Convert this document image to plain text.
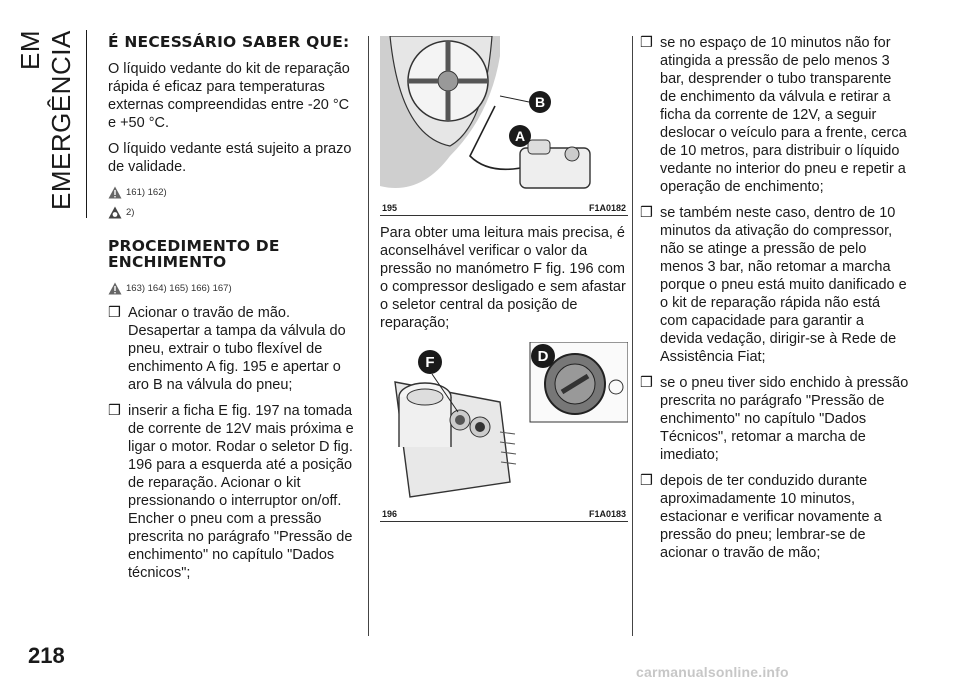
EM EMERGÊNCIA
218
carmanualsonline.info
É NECESSÁRIO SABER QUE:

O líquido vedante do kit de reparação rápida é eficaz para temperaturas externas compreendidas entre -20 °C e +50 °C.

O líquido vedante está sujeito a prazo de validade.

161) 162)
2)
PROCEDIMENTO DE ENCHIMENTO
163) 164) 165) 166) 167)
❒ Acionar o travão de mão. Desapertar a tampa da válvula do pneu, extrair o tubo flexível de enchimento A fig. 195 e apertar o aro B na válvula do pneu;
❒ inserir a ficha E fig. 197 na tomada de corrente de 12V mais próxima e ligar o motor. Rodar o seletor D fig. 196 para a esquerda até a posição de reparação. Acionar o kit pressionando o interruptor on/off. Encher o pneu com a pressão prescrita no parágrafo "Pressão de enchimento" no capítulo "Dados técnicos";
B
A
195	F1A0182

Para obter uma leitura mais precisa, é aconselhável verificar o valor da pressão no manómetro F fig. 196 com o compressor desligado e sem afastar o seletor central da posição de reparação;

F	D
196	F1A0183
❒ se no espaço de 10 minutos não for atingida a pressão de pelo menos 3 bar, desprender o tubo transparente de enchimento da válvula e retirar a ficha da corrente de 12V, a seguir deslocar o veículo para a frente, cerca de 10 metros, para distribuir o líquido vedante no interior do pneu e repetir a operação de enchimento;
❒ se também neste caso, dentro de 10 minutos da ativação do compressor, não se atinge a pressão de pelo menos 3 bar, não retomar a marcha porque o pneu está muito danificado e o kit de reparação rápida não está com capacidade para garantir a devida vedação, dirigir-se à Rede de Assistência Fiat;
❒ se o pneu tiver sido enchido à pressão prescrita no parágrafo "Pressão de enchimento" no capítulo "Dados Técnicos", retomar a marcha de imediato;
❒ depois de ter conduzido durante aproximadamente 10 minutos, estacionar e verificar novamente a pressão do pneu; lembrar-se de acionar o travão de mão;
